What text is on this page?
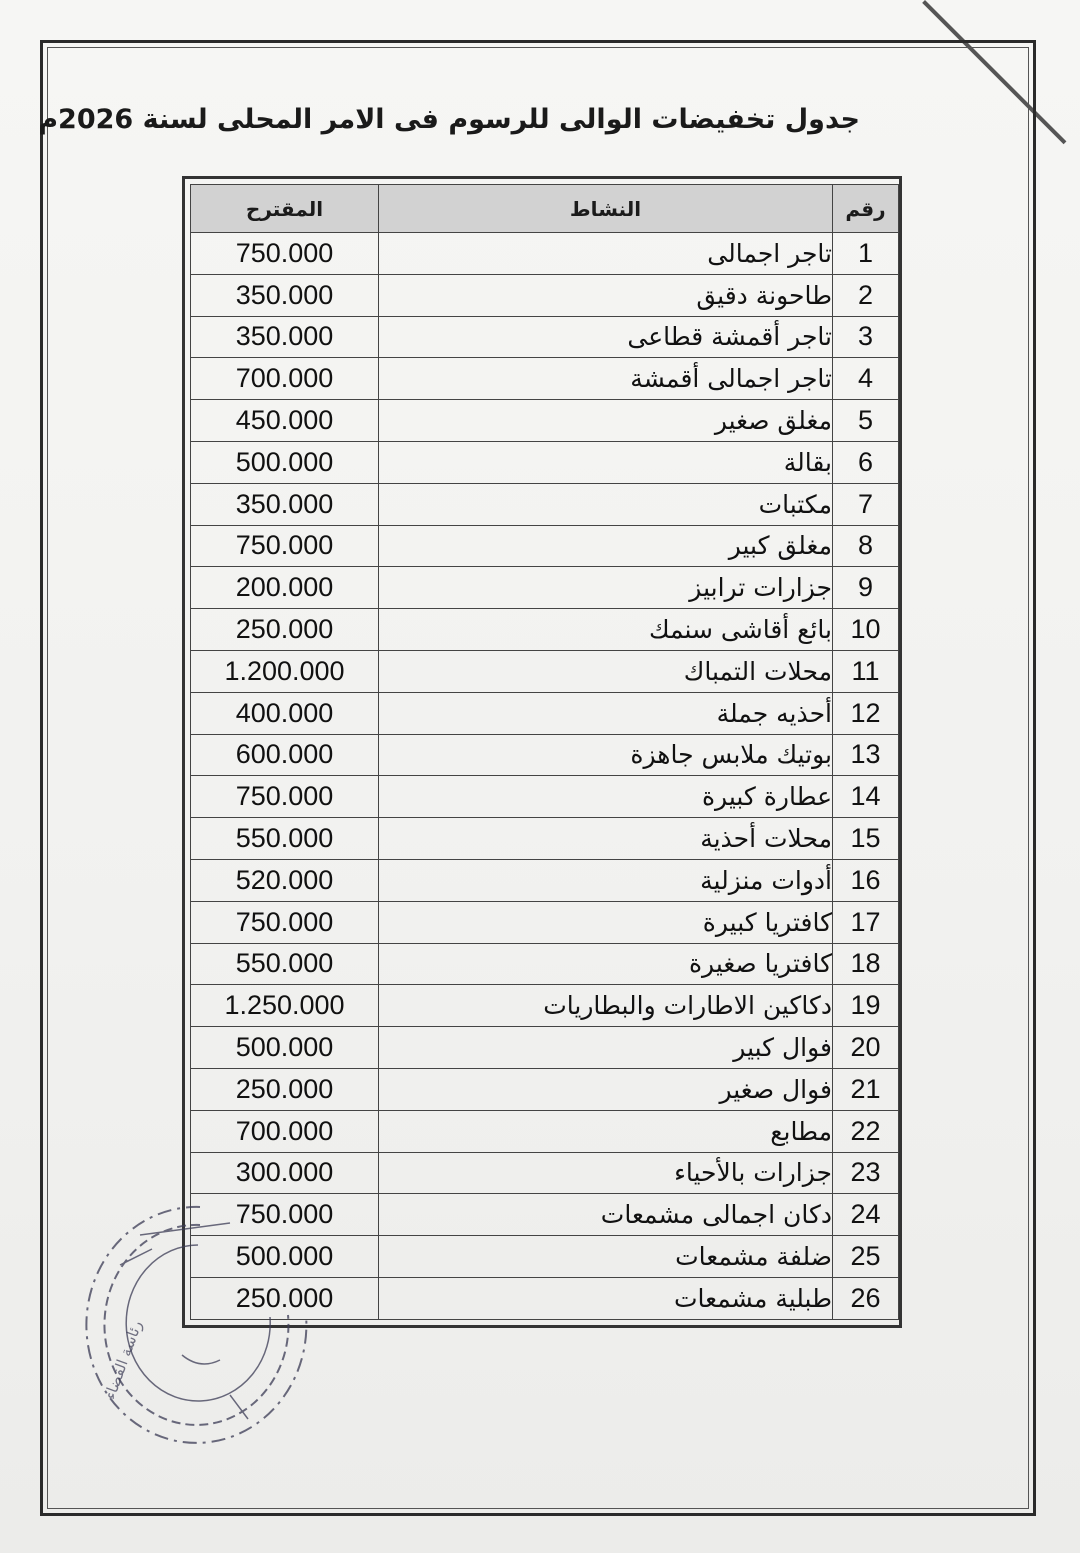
جدول تخفيضات الوالى للرسوم فى الامر المحلى لسنة 2026م
رقم	النشاط	المقترح
1	تاجر اجمالى	750.000
2	طاحونة دقيق	350.000
3	تاجر أقمشة قطاعى	350.000
4	تاجر اجمالى أقمشة	700.000
5	مغلق صغير	450.000
6	بقالة	500.000
7	مكتبات	350.000
8	مغلق كبير	750.000
9	جزارات ترابيز	200.000
10	بائع أقاشى سنمك	250.000
11	محلات التمباك	1.200.000
12	أحذيه جملة	400.000
13	بوتيك ملابس جاهزة	600.000
14	عطارة كبيرة	750.000
15	محلات أحذية	550.000
16	أدوات منزلية	520.000
17	كافتريا كبيرة	750.000
18	كافتريا صغيرة	550.000
19	دكاكين الاطارات والبطاريات	1.250.000
20	فوال كبير	500.000
21	فوال صغير	250.000
22	مطابع	700.000
23	جزارات بالأحياء	300.000
24	دكان اجمالى مشمعات	750.000
25	ضلفة مشمعات	500.000
26	طبلية مشمعات	250.000
رئاسة القضاء
